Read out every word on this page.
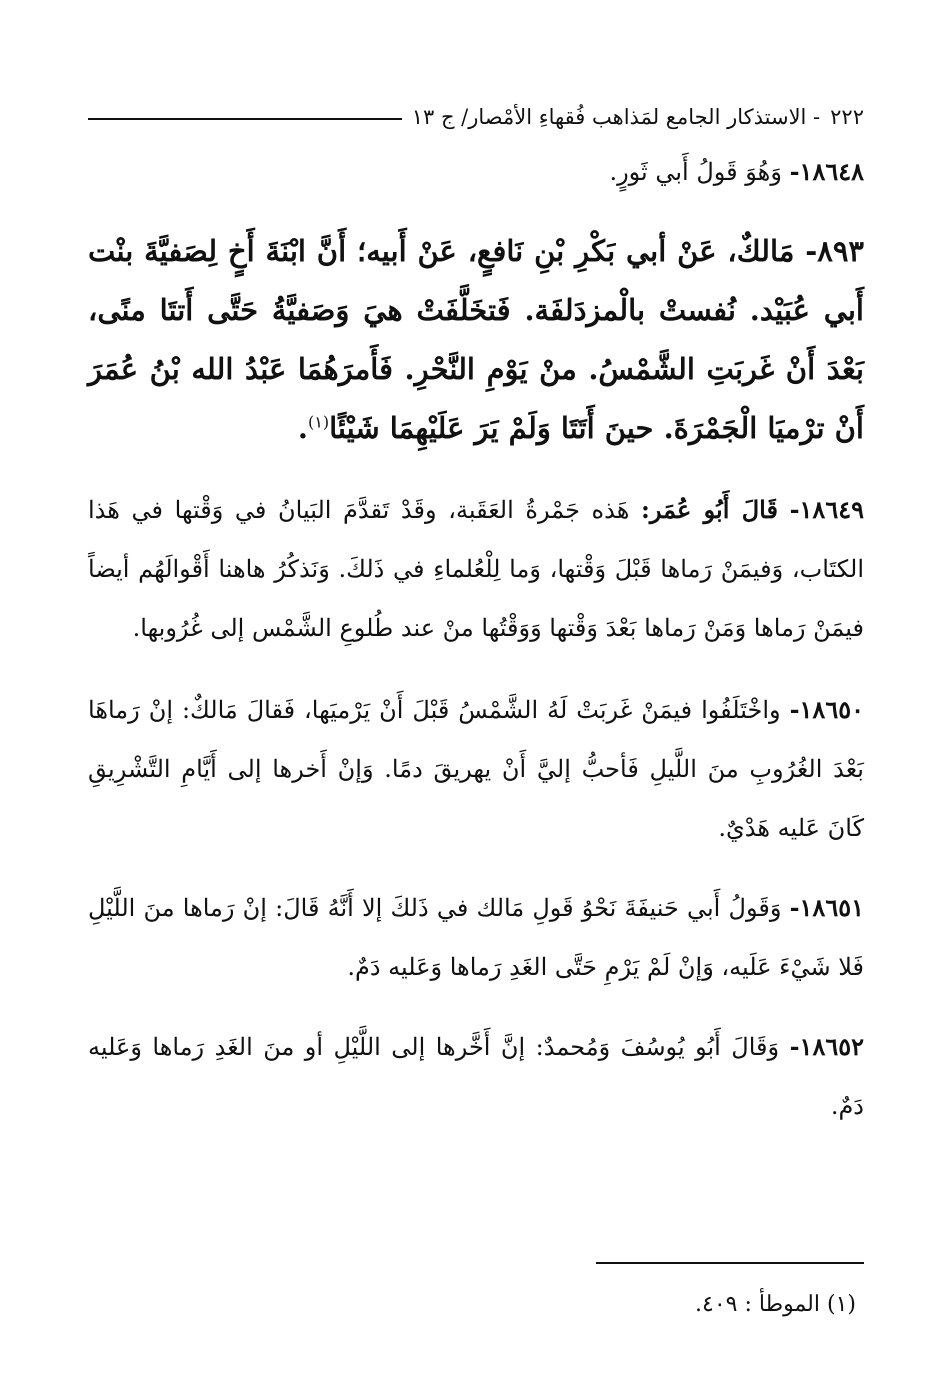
٢٢٢
- الاستذكار الجامع لمَذاهب فُقهاءِ الأمْصار/ ج ١٣

١٨٦٤٨- وَهُوَ قَولُ أَبي ثَورٍ.

٨٩٣- مَالكٌ، عَنْ أبي بَكْرِ بْنِ نَافعٍ، عَنْ أَبيه؛ أَنَّ ابْنَةَ أَخٍ لِصَفيَّةَ بنْت أَبي عُبَيْد. نُفستْ بالْمزدَلفَة. فَتخَلَّفَتْ هيَ وَصَفيَّةُ حَتَّى أَتتَا منًى، بَعْدَ أَنْ غَربَتِ الشَّمْسُ. منْ يَوْمِ النَّحْرِ. فَأَمرَهُمَا عَبْدُ الله بْنُ عُمَرَ أَنْ ترْميَا الْجَمْرَةَ. حينَ أَتَتَا وَلَمْ يَرَ عَلَيْهِمَا شَيْئًا$^{(١)}$.

١٨٦٤٩- قَالَ أَبُو عُمَر: هَذه جَمْرةُ العَقَبة، وقَدْ تَقدَّمَ البَيانُ في وَقْتها في هَذا الكتَاب، وَفيمَنْ رَماها قَبْلَ وَقْتها، وَما لِلْعُلماءِ في ذَلكَ. وَنَذكُرُ هاهنا أَقْوالَهُم أيضاً فيمَنْ رَماها وَمَنْ رَماها بَعْدَ وَقْتها وَوَقْتُها منْ عند طُلوعِ الشَّمْس إلى غُرُوبها.

١٨٦٥٠- واخْتَلَفُوا فيمَنْ غَربَتْ لَهُ الشَّمْسُ قَبْلَ أَنْ يَرْميَها، فَقالَ مَالكٌ: إنْ رَماهَا بَعْدَ الغُرُوبِ منَ اللَّيلِ فَأحبُّ إليَّ أَنْ يهريقَ دمًا. وَإنْ أَخرها إلى أَيَّامِ التَّشْرِيقِ كَانَ عَليه هَدْيٌ.

١٨٦٥١- وَقَولُ أَبي حَنيفَةَ نَحْوُ قَولِ مَالك في ذَلكَ إلا أَنَّهُ قَالَ: إنْ رَماها منَ اللَّيْلِ فَلا شَيْءَ عَلَيه، وَإنْ لَمْ يَرْمِ حَتَّى الغَدِ رَماها وَعَليه دَمٌ.

١٨٦٥٢- وَقَالَ أَبُو يُوسُفَ وَمُحمدٌ: إنَّ أَخَّرها إلى اللَّيْلِ أو منَ الغَدِ رَماها وَعَليه دَمٌ.

(١) الموطأ : ٤٠٩.
